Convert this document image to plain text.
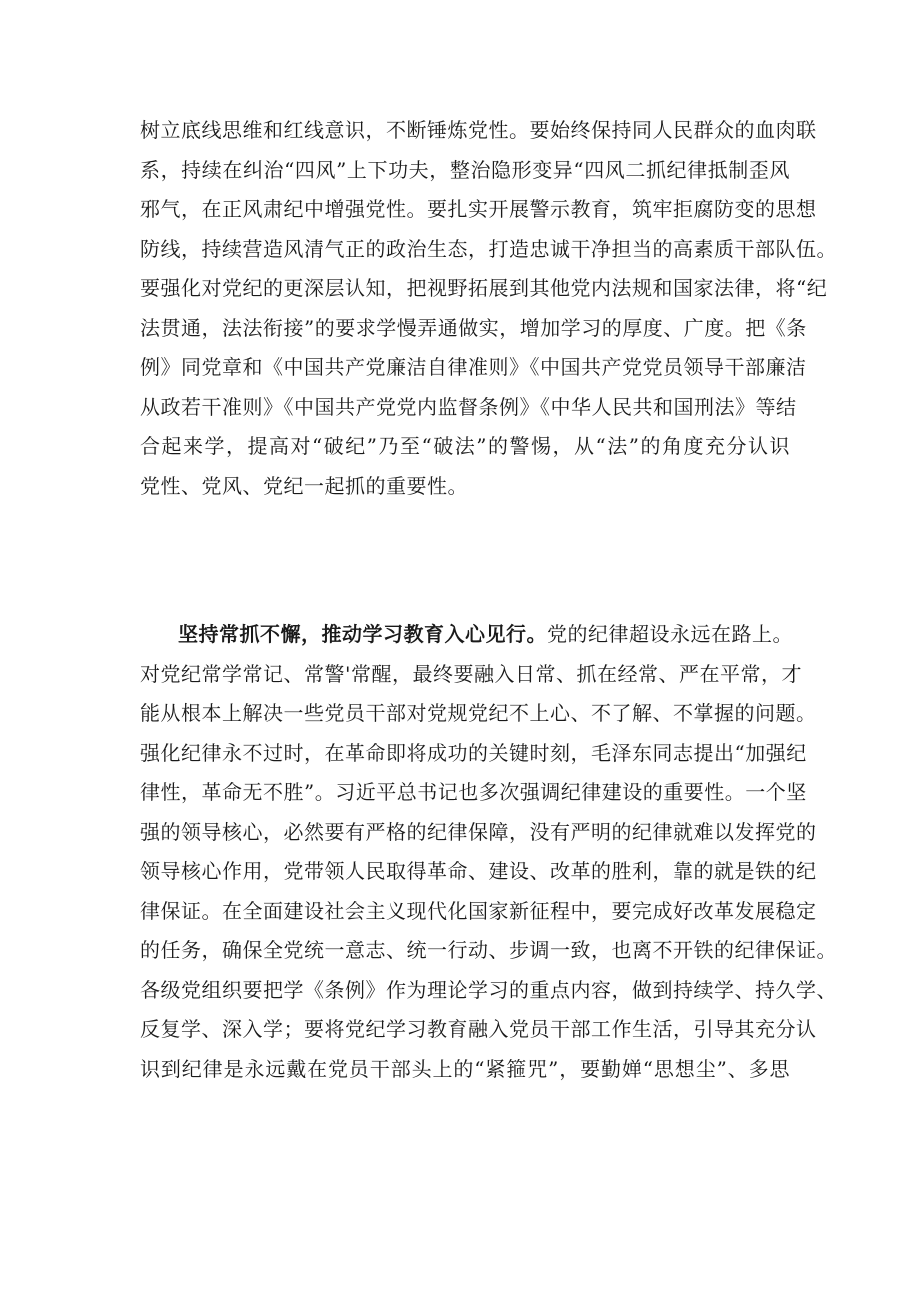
树立底线思维和红线意识，不断锤炼党性。要始终保持同人民群众的血肉联
系，持续在纠治“四风”上下功夫，整治隐形变异“四风二抓纪律抵制歪风
邪气，在正风肃纪中增强党性。要扎实开展警示教育，筑牢拒腐防变的思想
防线，持续营造风清气正的政治生态，打造忠诚干净担当的高素质干部队伍。
要强化对党纪的更深层认知，把视野拓展到其他党内法规和国家法律，将“纪
法贯通，法法衔接”的要求学慢弄通做实，增加学习的厚度、广度。把《条
例》同党章和《中国共产党廉洁自律准则》《中国共产党党员领导干部廉洁
从政若干准则》《中国共产党党内监督条例》《中华人民共和国刑法》等结
合起来学，提高对“破纪”乃至“破法”的警惕，从“法”的角度充分认识
党性、党风、党纪一起抓的重要性。
坚持常抓不懈，推动学习教育入心见行。党的纪律超设永远在路上。
对党纪常学常记、常警'常醒，最终要融入日常、抓在经常、严在平常，才
能从根本上解决一些党员干部对党规党纪不上心、不了解、不掌握的问题。
强化纪律永不过时，在革命即将成功的关键时刻，毛泽东同志提出“加强纪
律性，革命无不胜”。习近平总书记也多次强调纪律建设的重要性。一个坚
强的领导核心，必然要有严格的纪律保障，没有严明的纪律就难以发挥党的
领导核心作用，党带领人民取得革命、建设、改革的胜利，靠的就是铁的纪
律保证。在全面建设社会主义现代化国家新征程中，要完成好改革发展稳定
的任务，确保全党统一意志、统一行动、步调一致，也离不开铁的纪律保证。
各级党组织要把学《条例》作为理论学习的重点内容，做到持续学、持久学、
反复学、深入学；要将党纪学习教育融入党员干部工作生活，引导其充分认
识到纪律是永远戴在党员干部头上的“紧箍咒”，要勤婵“思想尘”、多思
